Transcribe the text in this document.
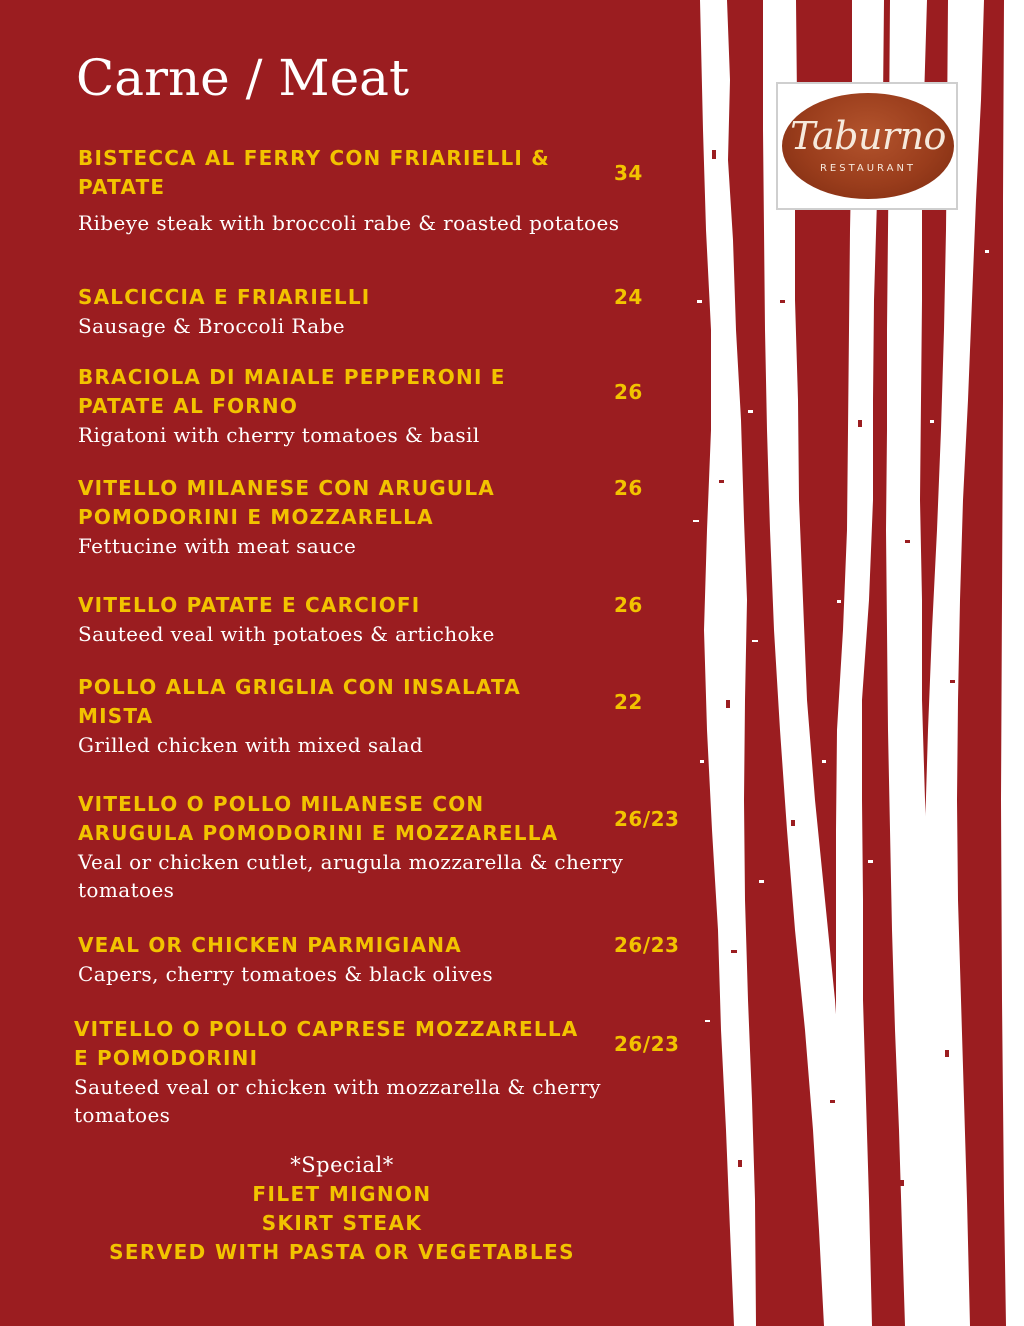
Carne / Meat
Taburno
RESTAURANT
BISTECCA AL FERRY CON FRIARIELLI & PATATE
Ribeye steak with broccoli rabe & roasted potatoes
34
SALCICCIA E FRIARIELLI
Sausage & Broccoli Rabe
24
BRACIOLA DI MAIALE PEPPERONI E PATATE AL FORNO
Rigatoni with cherry tomatoes & basil
26
VITELLO MILANESE CON ARUGULA POMODORINI E MOZZARELLA
Fettucine with meat sauce
26
VITELLO PATATE E CARCIOFI
Sauteed veal with potatoes & artichoke
26
POLLO ALLA GRIGLIA CON INSALATA MISTA
Grilled chicken with mixed salad
22
VITELLO O POLLO MILANESE CON ARUGULA POMODORINI E MOZZARELLA
Veal or chicken cutlet, arugula mozzarella & cherry tomatoes
26/23
VEAL OR CHICKEN PARMIGIANA
Capers, cherry tomatoes & black olives
26/23
VITELLO O POLLO CAPRESE MOZZARELLA E POMODORINI
Sauteed veal or chicken with mozzarella & cherry tomatoes
26/23
*Special*
FILET MIGNON
SKIRT STEAK
SERVED WITH PASTA OR VEGETABLES
